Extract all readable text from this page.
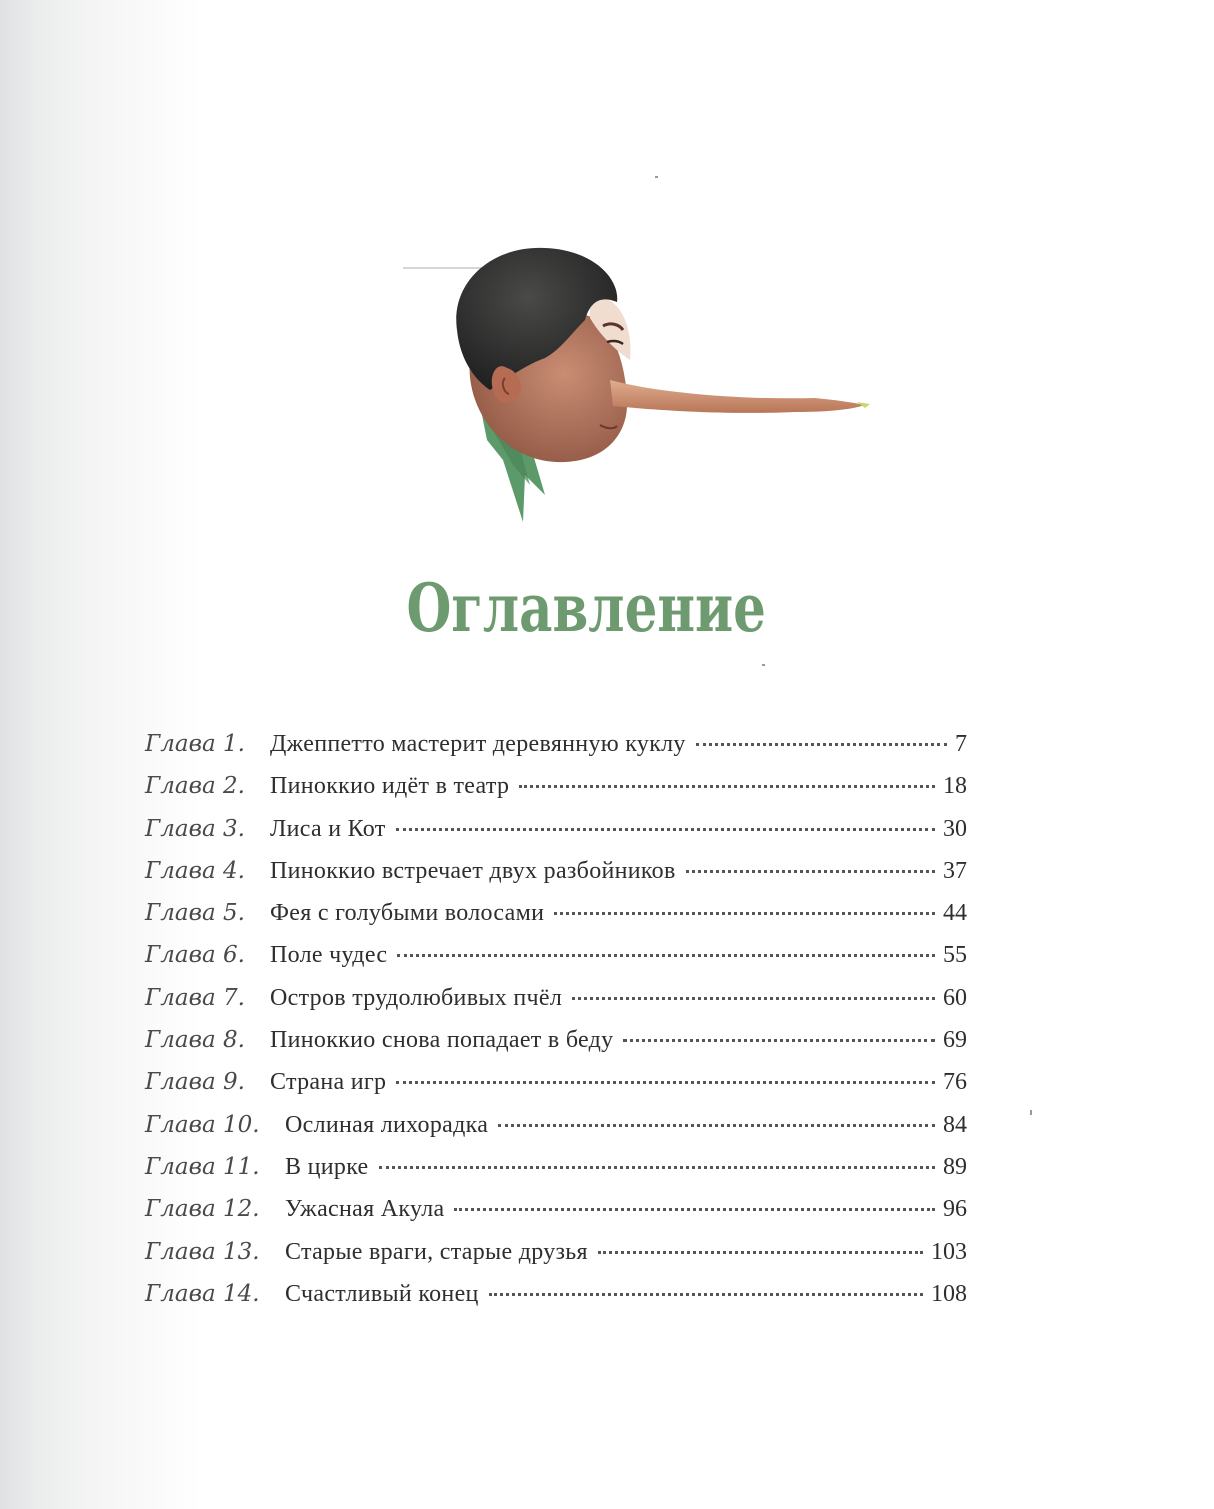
Оглавление
Глава 1.	Джеппетто мастерит деревянную куклу	7
Глава 2.	Пиноккио идёт в театр	18
Глава 3.	Лиса и Кот	30
Глава 4.	Пиноккио встречает двух разбойников	37
Глава 5.	Фея с голубыми волосами	44
Глава 6.	Поле чудес	55
Глава 7.	Остров трудолюбивых пчёл	60
Глава 8.	Пиноккио снова попадает в беду	69
Глава 9.	Страна игр	76
Глава 10.	Ослиная лихорадка	84
Глава 11.	В цирке	89
Глава 12.	Ужасная Акула	96
Глава 13.	Старые враги, старые друзья	103
Глава 14.	Счастливый конец	108
